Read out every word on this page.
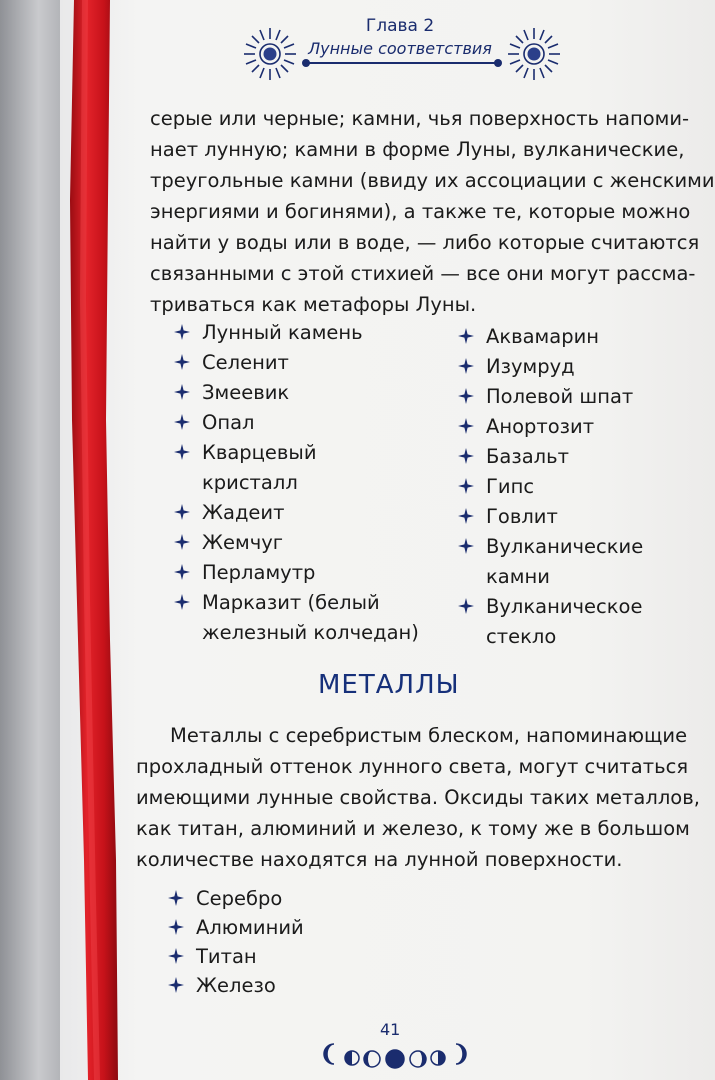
Глава 2
Лунные соответствия
серые или черные; камни, чья поверхность напоми-
нает лунную; камни в форме Луны, вулканические,
треугольные камни (ввиду их ассоциации с женскими
энергиями и богинями), а также те, которые можно
найти у воды или в воде, — либо которые считаются
связанными с этой стихией — все они могут рассма-
триваться как метафоры Луны.
Лунный камень
Селенит
Змеевик
Опал
Кварцевый
кристалл
Жадеит
Жемчуг
Перламутр
Марказит (белый
железный колчедан)
Аквамарин
Изумруд
Полевой шпат
Анортозит
Базальт
Гипс
Говлит
Вулканические
камни
Вулканическое
стекло
МЕТАЛЛЫ
Металлы с серебристым блеском, напоминающие
прохладный оттенок лунного света, могут считаться
имеющими лунные свойства. Оксиды таких металлов,
как титан, алюминий и железо, к тому же в большом
количестве находятся на лунной поверхности.
Серебро
Алюминий
Титан
Железо
41
